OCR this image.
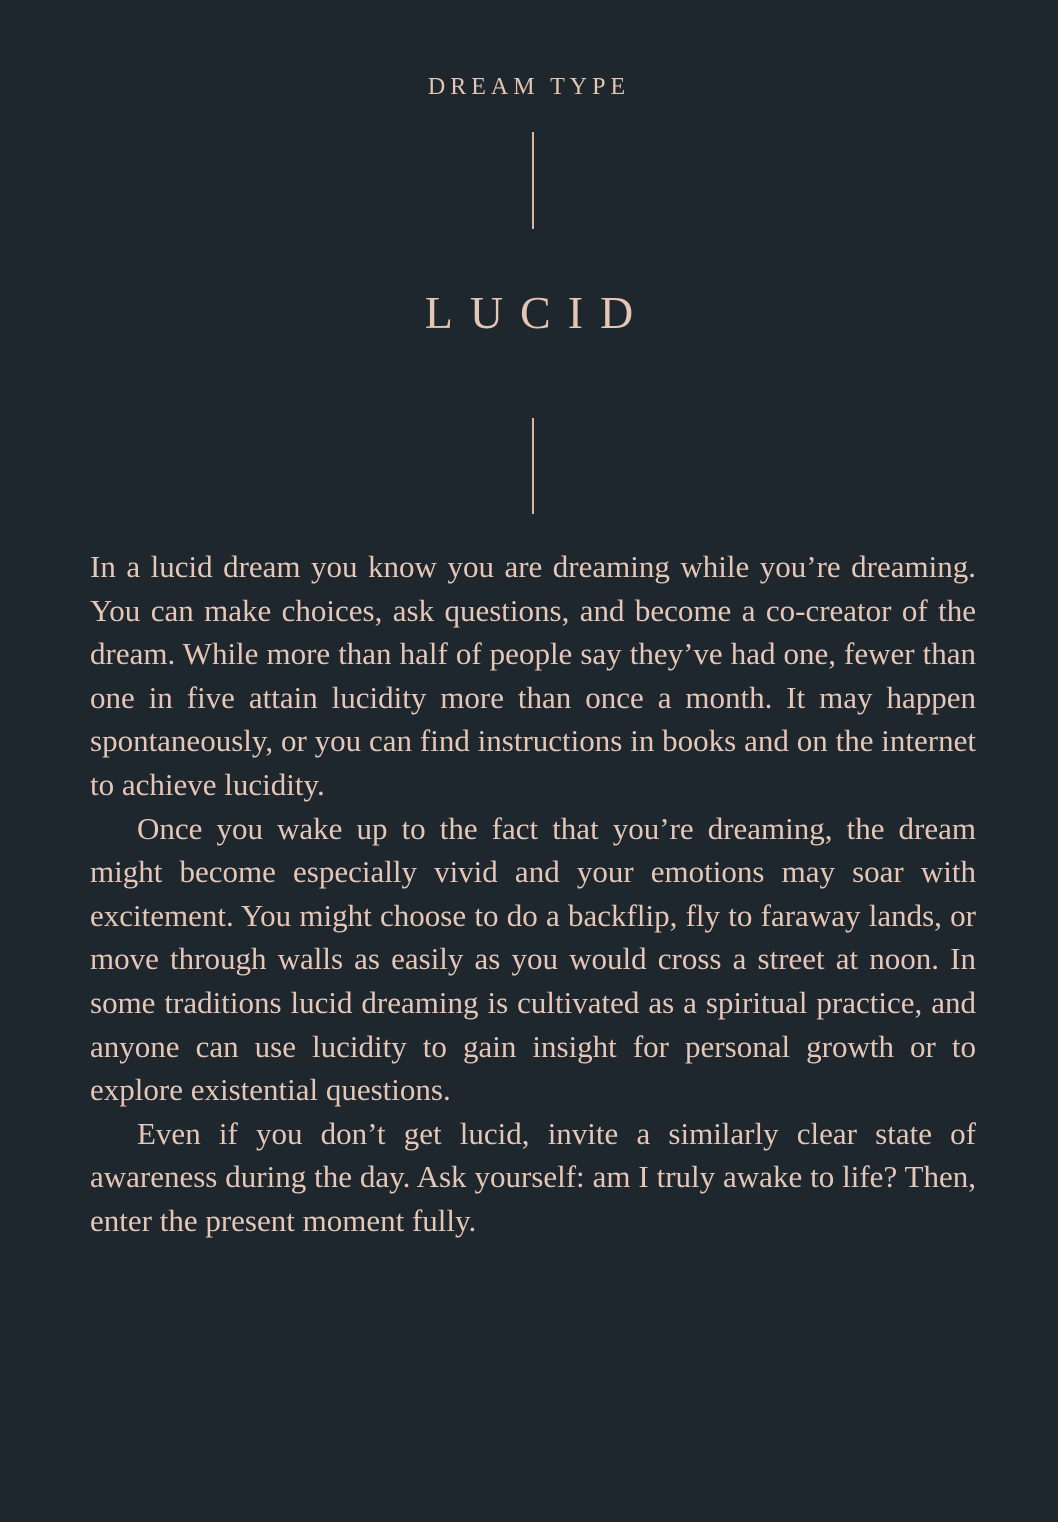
DREAM TYPE
LUCID

In a lucid dream you know you are dreaming while you’re dreaming. You can make choices, ask questions, and become a co-creator of the dream. While more than half of people say they’ve had one, fewer than one in five attain lucidity more than once a month. It may happen spontaneously, or you can find instructions in books and on the internet to achieve lucidity.

Once you wake up to the fact that you’re dreaming, the dream might become especially vivid and your emotions may soar with excitement. You might choose to do a backflip, fly to faraway lands, or move through walls as easily as you would cross a street at noon. In some traditions lucid dreaming is cultivated as a spiritual practice, and anyone can use lucidity to gain insight for personal growth or to explore existential questions.

Even if you don’t get lucid, invite a similarly clear state of awareness during the day. Ask yourself: am I truly awake to life? Then, enter the present moment fully.
